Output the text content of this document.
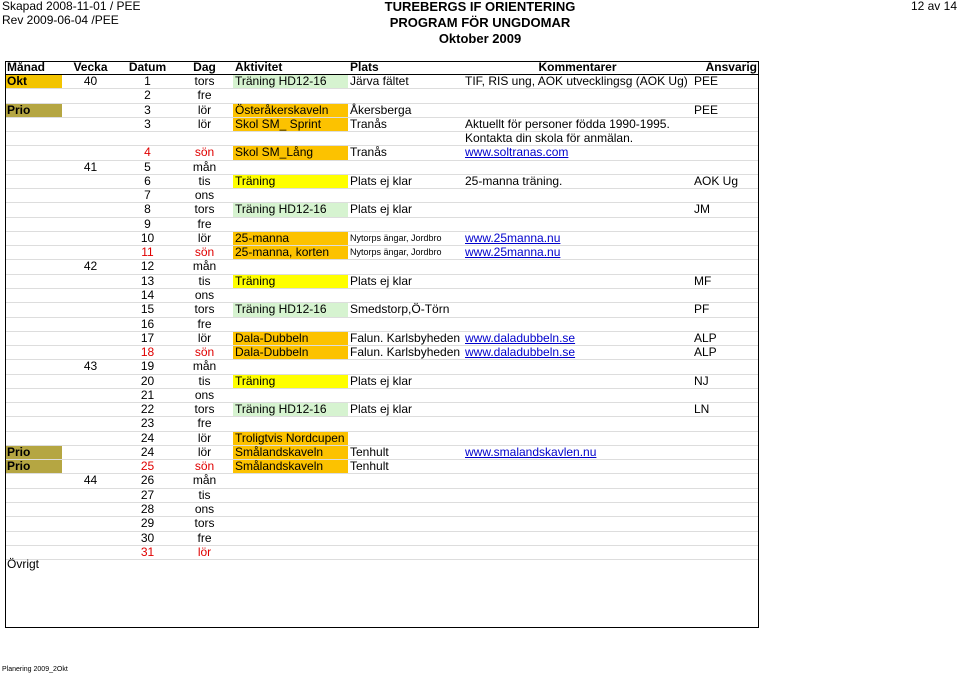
Skapad 2008-11-01 / PEE
Rev 2009-06-04 /PEE
TUREBERGS IF ORIENTERING
PROGRAM FÖR UNGDOMAR
Oktober 2009
12 av 14
Månad	Vecka	Datum	Dag	Aktivitet	Plats	Kommentarer	Ansvarig
Okt	40	1	tors	Träning HD12-16	Järva fältet	TIF, RIS ung, AOK utvecklingsg (AOK Ug)	PEE
		2	fre				
Prio		3	lör	Österåkerskaveln	Åkersberga		PEE
		3	lör	Skol SM_ Sprint	Tranås	Aktuellt för personer födda 1990-1995.	
						Kontakta din skola för anmälan.	
		4	sön	Skol SM_Lång	Tranås	www.soltranas.com	
	41	5	mån				
		6	tis	Träning	Plats ej klar	25-manna träning.	AOK Ug
		7	ons				
		8	tors	Träning HD12-16	Plats ej klar		JM
		9	fre				
		10	lör	25-manna	Nytorps ängar, Jordbro	www.25manna.nu	
		11	sön	25-manna, korten	Nytorps ängar, Jordbro	www.25manna.nu	
	42	12	mån				
		13	tis	Träning	Plats ej klar		MF
		14	ons				
		15	tors	Träning HD12-16	Smedstorp,Ö-Törn		PF
		16	fre				
		17	lör	Dala-Dubbeln	Falun. Karlsbyheden	www.daladubbeln.se	ALP
		18	sön	Dala-Dubbeln	Falun. Karlsbyheden	www.daladubbeln.se	ALP
	43	19	mån				
		20	tis	Träning	Plats ej klar		NJ
		21	ons				
		22	tors	Träning HD12-16	Plats ej klar		LN
		23	fre				
		24	lör	Troligtvis Nordcupen			
Prio		24	lör	Smålandskaveln	Tenhult	www.smalandskavlen.nu	
Prio		25	sön	Smålandskaveln	Tenhult		
	44	26	mån				
		27	tis				
		28	ons				
		29	tors				
		30	fre				
		31	lör				
Övrigt
Planering 2009_2Okt
